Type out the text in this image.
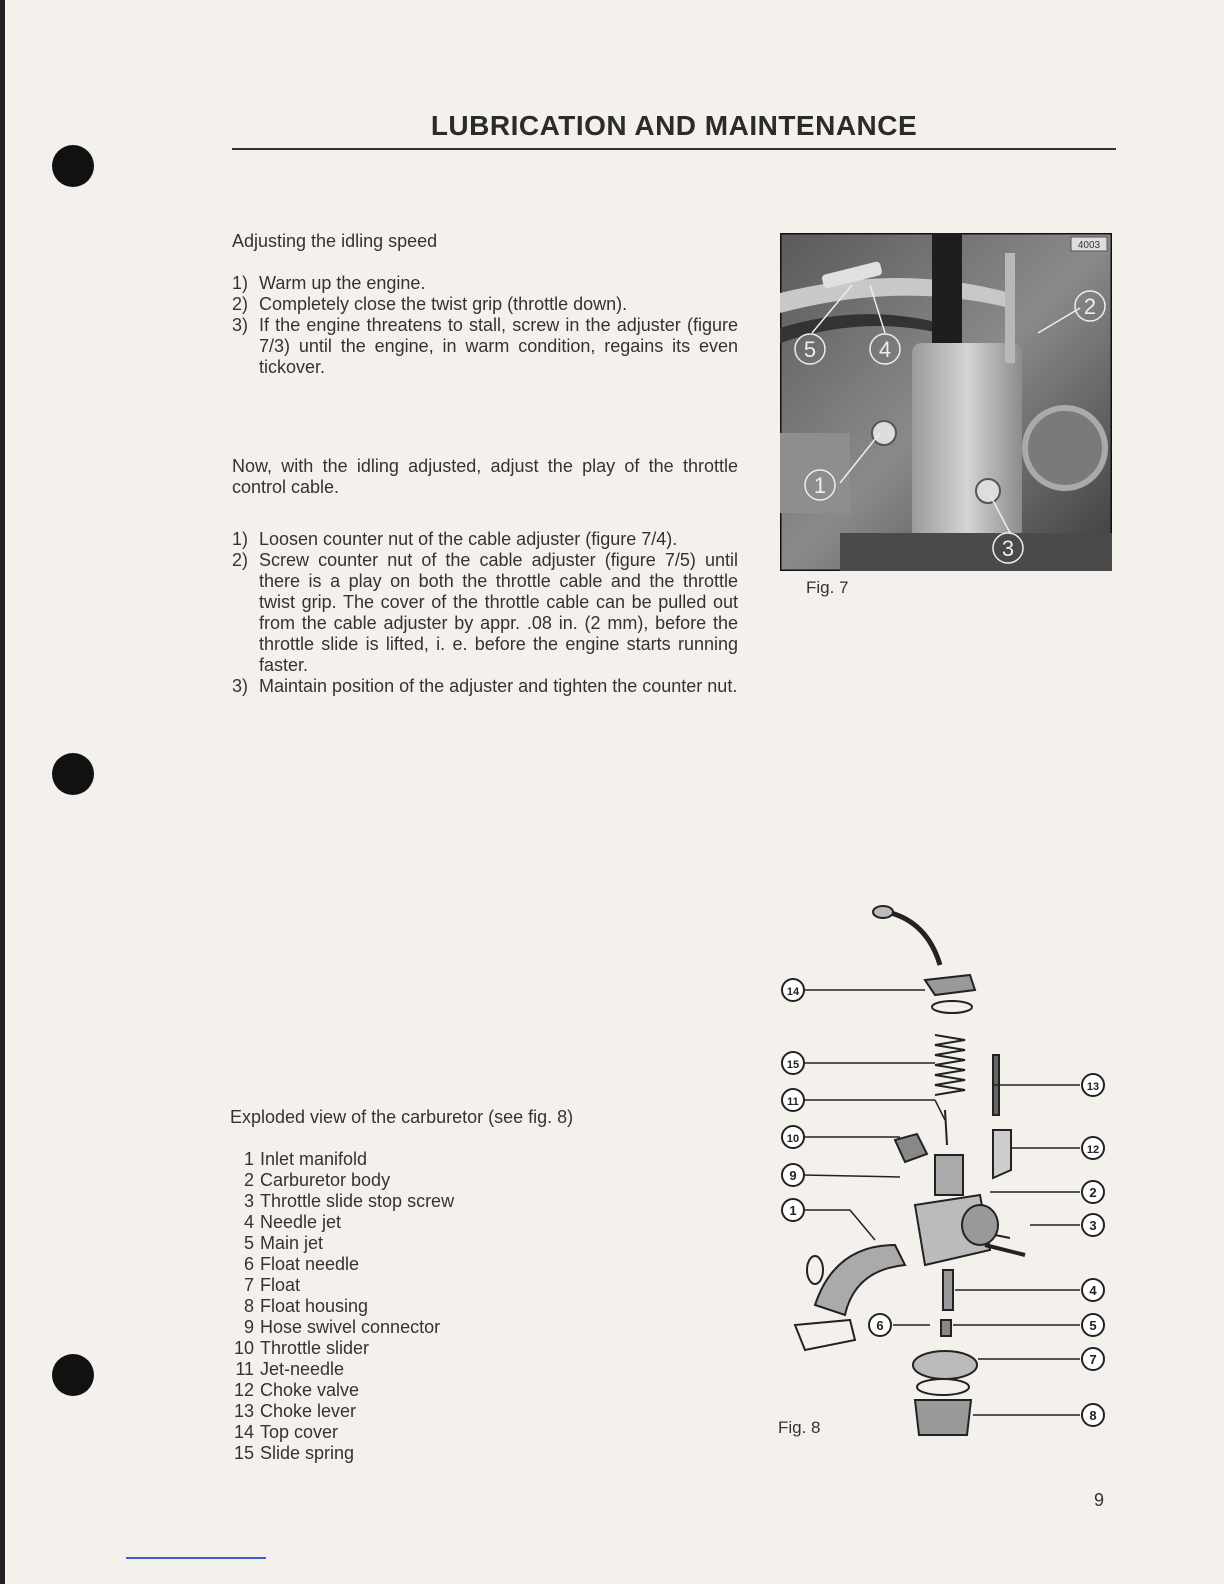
LUBRICATION AND MAINTENANCE
Adjusting the idling speed
1) Warm up the engine.
2) Completely close the twist grip (throttle down).
3) If the engine threatens to stall, screw in the adjuster (figure 7/3) until the engine, in warm condition, regains its even tickover.
Now, with the idling adjusted, adjust the play of the throttle control cable.
1) Loosen counter nut of the cable adjuster (figure 7/4).
2) Screw counter nut of the cable adjuster (figure 7/5) until there is a play on both the throttle cable and the throttle twist grip. The cover of the throttle cable can be pulled out from the cable adjuster by appr. .08 in. (2 mm), before the throttle slide is lifted, i. e. before the engine starts running faster.
3) Maintain position of the adjuster and tighten the counter nut.
4003
1
2
3
4
5
Fig. 7
Exploded view of the carburetor (see fig. 8)
1 Inlet manifold
2 Carburetor body
3 Throttle slide stop screw
4 Needle jet
5 Main jet
6 Float needle
7 Float
8 Float housing
9 Hose swivel connector
10 Throttle slider
11 Jet-needle
12 Choke valve
13 Choke lever
14 Top cover
15 Slide spring
1
2
3
4
5
6
7
8
9
10
11
12
13
14
15
Fig. 8
9
